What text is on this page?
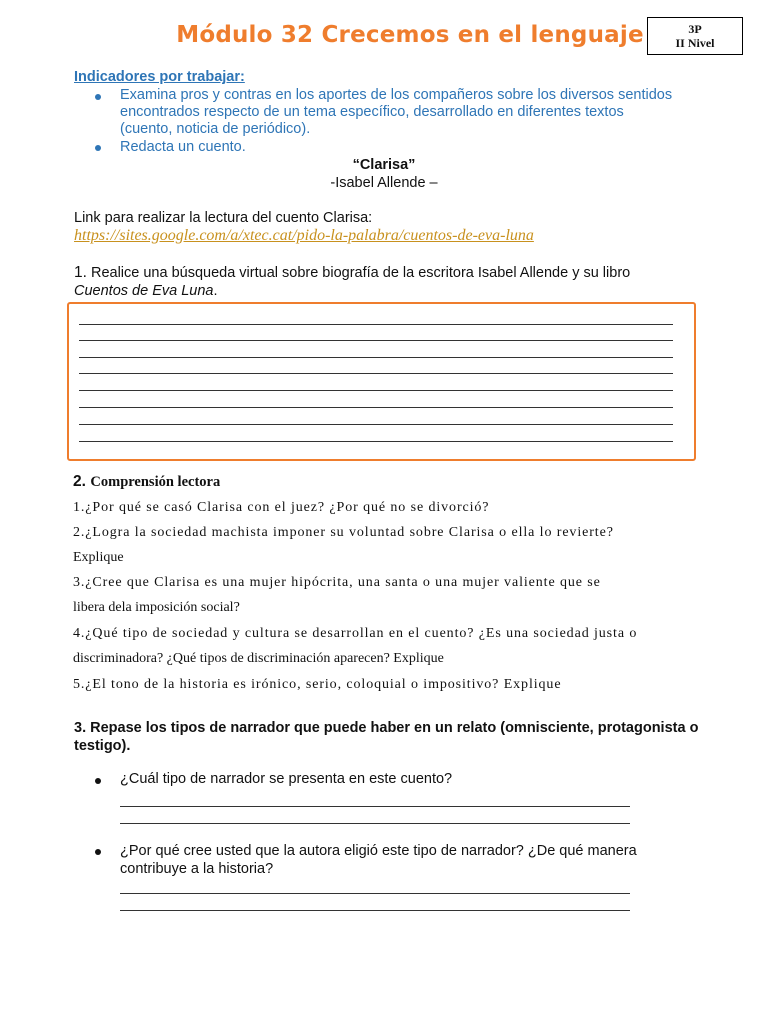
Módulo 32 Crecemos en el lenguaje	3P
II Nivel
Indicadores por trabajar:
Examina pros y contras en los aportes de los compañeros sobre los diversos sentidos
encontrados respecto de un tema específico, desarrollado en diferentes textos
(cuento, noticia de periódico).
Redacta un cuento.
“Clarisa”
-Isabel Allende –
Link para realizar la lectura del cuento Clarisa:
https://sites.google.com/a/xtec.cat/pido-la-palabra/cuentos-de-eva-luna
1. Realice una búsqueda virtual sobre biografía de la escritora Isabel Allende y su libro
Cuentos de Eva Luna.
2. Comprensión lectora
1.¿Por qué se casó Clarisa con el juez? ¿Por qué no se divorció?
2.¿Logra la sociedad machista imponer su voluntad sobre Clarisa o ella lo revierte?
Explique
3.¿Cree que Clarisa es una mujer hipócrita, una santa o una mujer valiente que se
libera dela imposición social?
4.¿Qué tipo de sociedad y cultura se desarrollan en el cuento? ¿Es una sociedad justa o
discriminadora? ¿Qué tipos de discriminación aparecen? Explique
5.¿El tono de la historia es irónico, serio, coloquial o impositivo? Explique
3. Repase los tipos de narrador que puede haber en un relato (omnisciente, protagonista o
testigo).
¿Cuál tipo de narrador se presenta en este cuento?
¿Por qué cree usted que la autora eligió este tipo de narrador? ¿De qué manera
contribuye a la historia?
